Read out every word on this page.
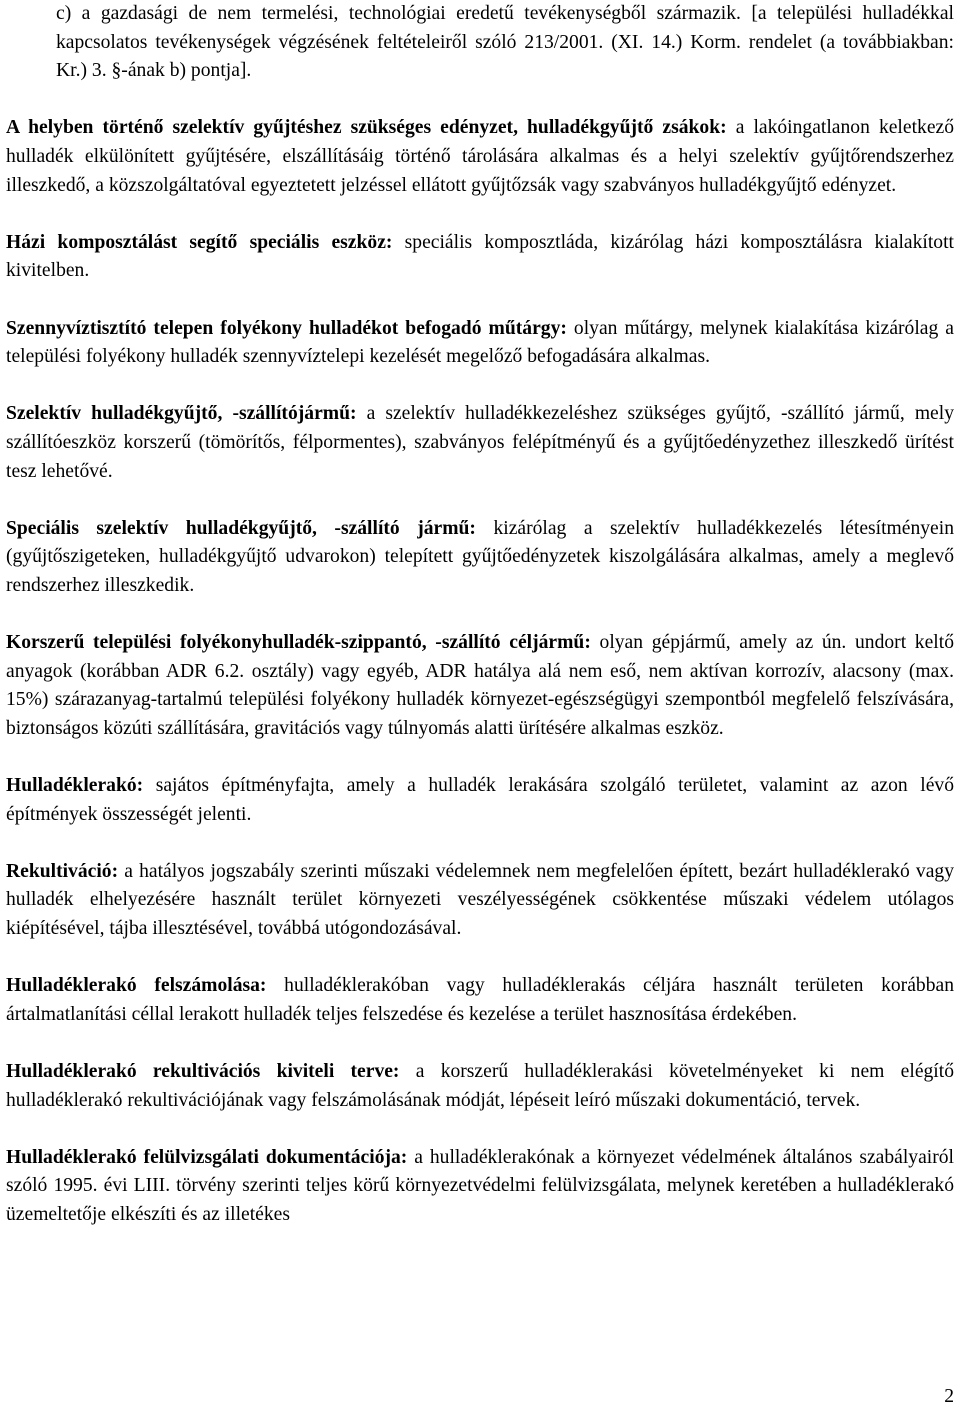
c) a gazdasági de nem termelési, technológiai eredetű tevékenységből származik. [a települési hulladékkal kapcsolatos tevékenységek végzésének feltételeiről szóló 213/2001. (XI. 14.) Korm. rendelet (a továbbiakban: Kr.) 3. §-ának b) pontja].

A helyben történő szelektív gyűjtéshez szükséges edényzet, hulladékgyűjtő zsákok: a lakóingatlanon keletkező hulladék elkülönített gyűjtésére, elszállításáig történő tárolására alkalmas és a helyi szelektív gyűjtőrendszerhez illeszkedő, a közszolgáltatóval egyeztetett jelzéssel ellátott gyűjtőzsák vagy szabványos hulladékgyűjtő edényzet.

Házi komposztálást segítő speciális eszköz: speciális komposztláda, kizárólag házi komposztálásra kialakított kivitelben.

Szennyvíztisztító telepen folyékony hulladékot befogadó műtárgy: olyan műtárgy, melynek kialakítása kizárólag a települési folyékony hulladék szennyvíztelepi kezelését megelőző befogadására alkalmas.

Szelektív hulladékgyűjtő, -szállítójármű: a szelektív hulladékkezeléshez szükséges gyűjtő, -szállító jármű, mely szállítóeszköz korszerű (tömörítős, félpormentes), szabványos felépítményű és a gyűjtőedényzethez illeszkedő ürítést tesz lehetővé.

Speciális szelektív hulladékgyűjtő, -szállító jármű: kizárólag a szelektív hulladékkezelés létesítményein (gyűjtőszigeteken, hulladékgyűjtő udvarokon) telepített gyűjtőedényzetek kiszolgálására alkalmas, amely a meglevő rendszerhez illeszkedik.

Korszerű települési folyékonyhulladék-szippantó, -szállító céljármű: olyan gépjármű, amely az ún. undort keltő anyagok (korábban ADR 6.2. osztály) vagy egyéb, ADR hatálya alá nem eső, nem aktívan korrozív, alacsony (max. 15%) szárazanyag-tartalmú települési folyékony hulladék környezet-egészségügyi szempontból megfelelő felszívására, biztonságos közúti szállítására, gravitációs vagy túlnyomás alatti ürítésére alkalmas eszköz.

Hulladéklerakó: sajátos építményfajta, amely a hulladék lerakására szolgáló területet, valamint az azon lévő építmények összességét jelenti.

Rekultiváció: a hatályos jogszabály szerinti műszaki védelemnek nem megfelelően épített, bezárt hulladéklerakó vagy hulladék elhelyezésére használt terület környezeti veszélyességének csökkentése műszaki védelem utólagos kiépítésével, tájba illesztésével, továbbá utógondozásával.

Hulladéklerakó felszámolása: hulladéklerakóban vagy hulladéklerakás céljára használt területen korábban ártalmatlanítási céllal lerakott hulladék teljes felszedése és kezelése a terület hasznosítása érdekében.

Hulladéklerakó rekultivációs kiviteli terve: a korszerű hulladéklerakási követelményeket ki nem elégítő hulladéklerakó rekultivációjának vagy felszámolásának módját, lépéseit leíró műszaki dokumentáció, tervek.

Hulladéklerakó felülvizsgálati dokumentációja: a hulladéklerakónak a környezet védelmének általános szabályairól szóló 1995. évi LIII. törvény szerinti teljes körű környezetvédelmi felülvizsgálata, melynek keretében a hulladéklerakó üzemeltetője elkészíti és az illetékes

2
